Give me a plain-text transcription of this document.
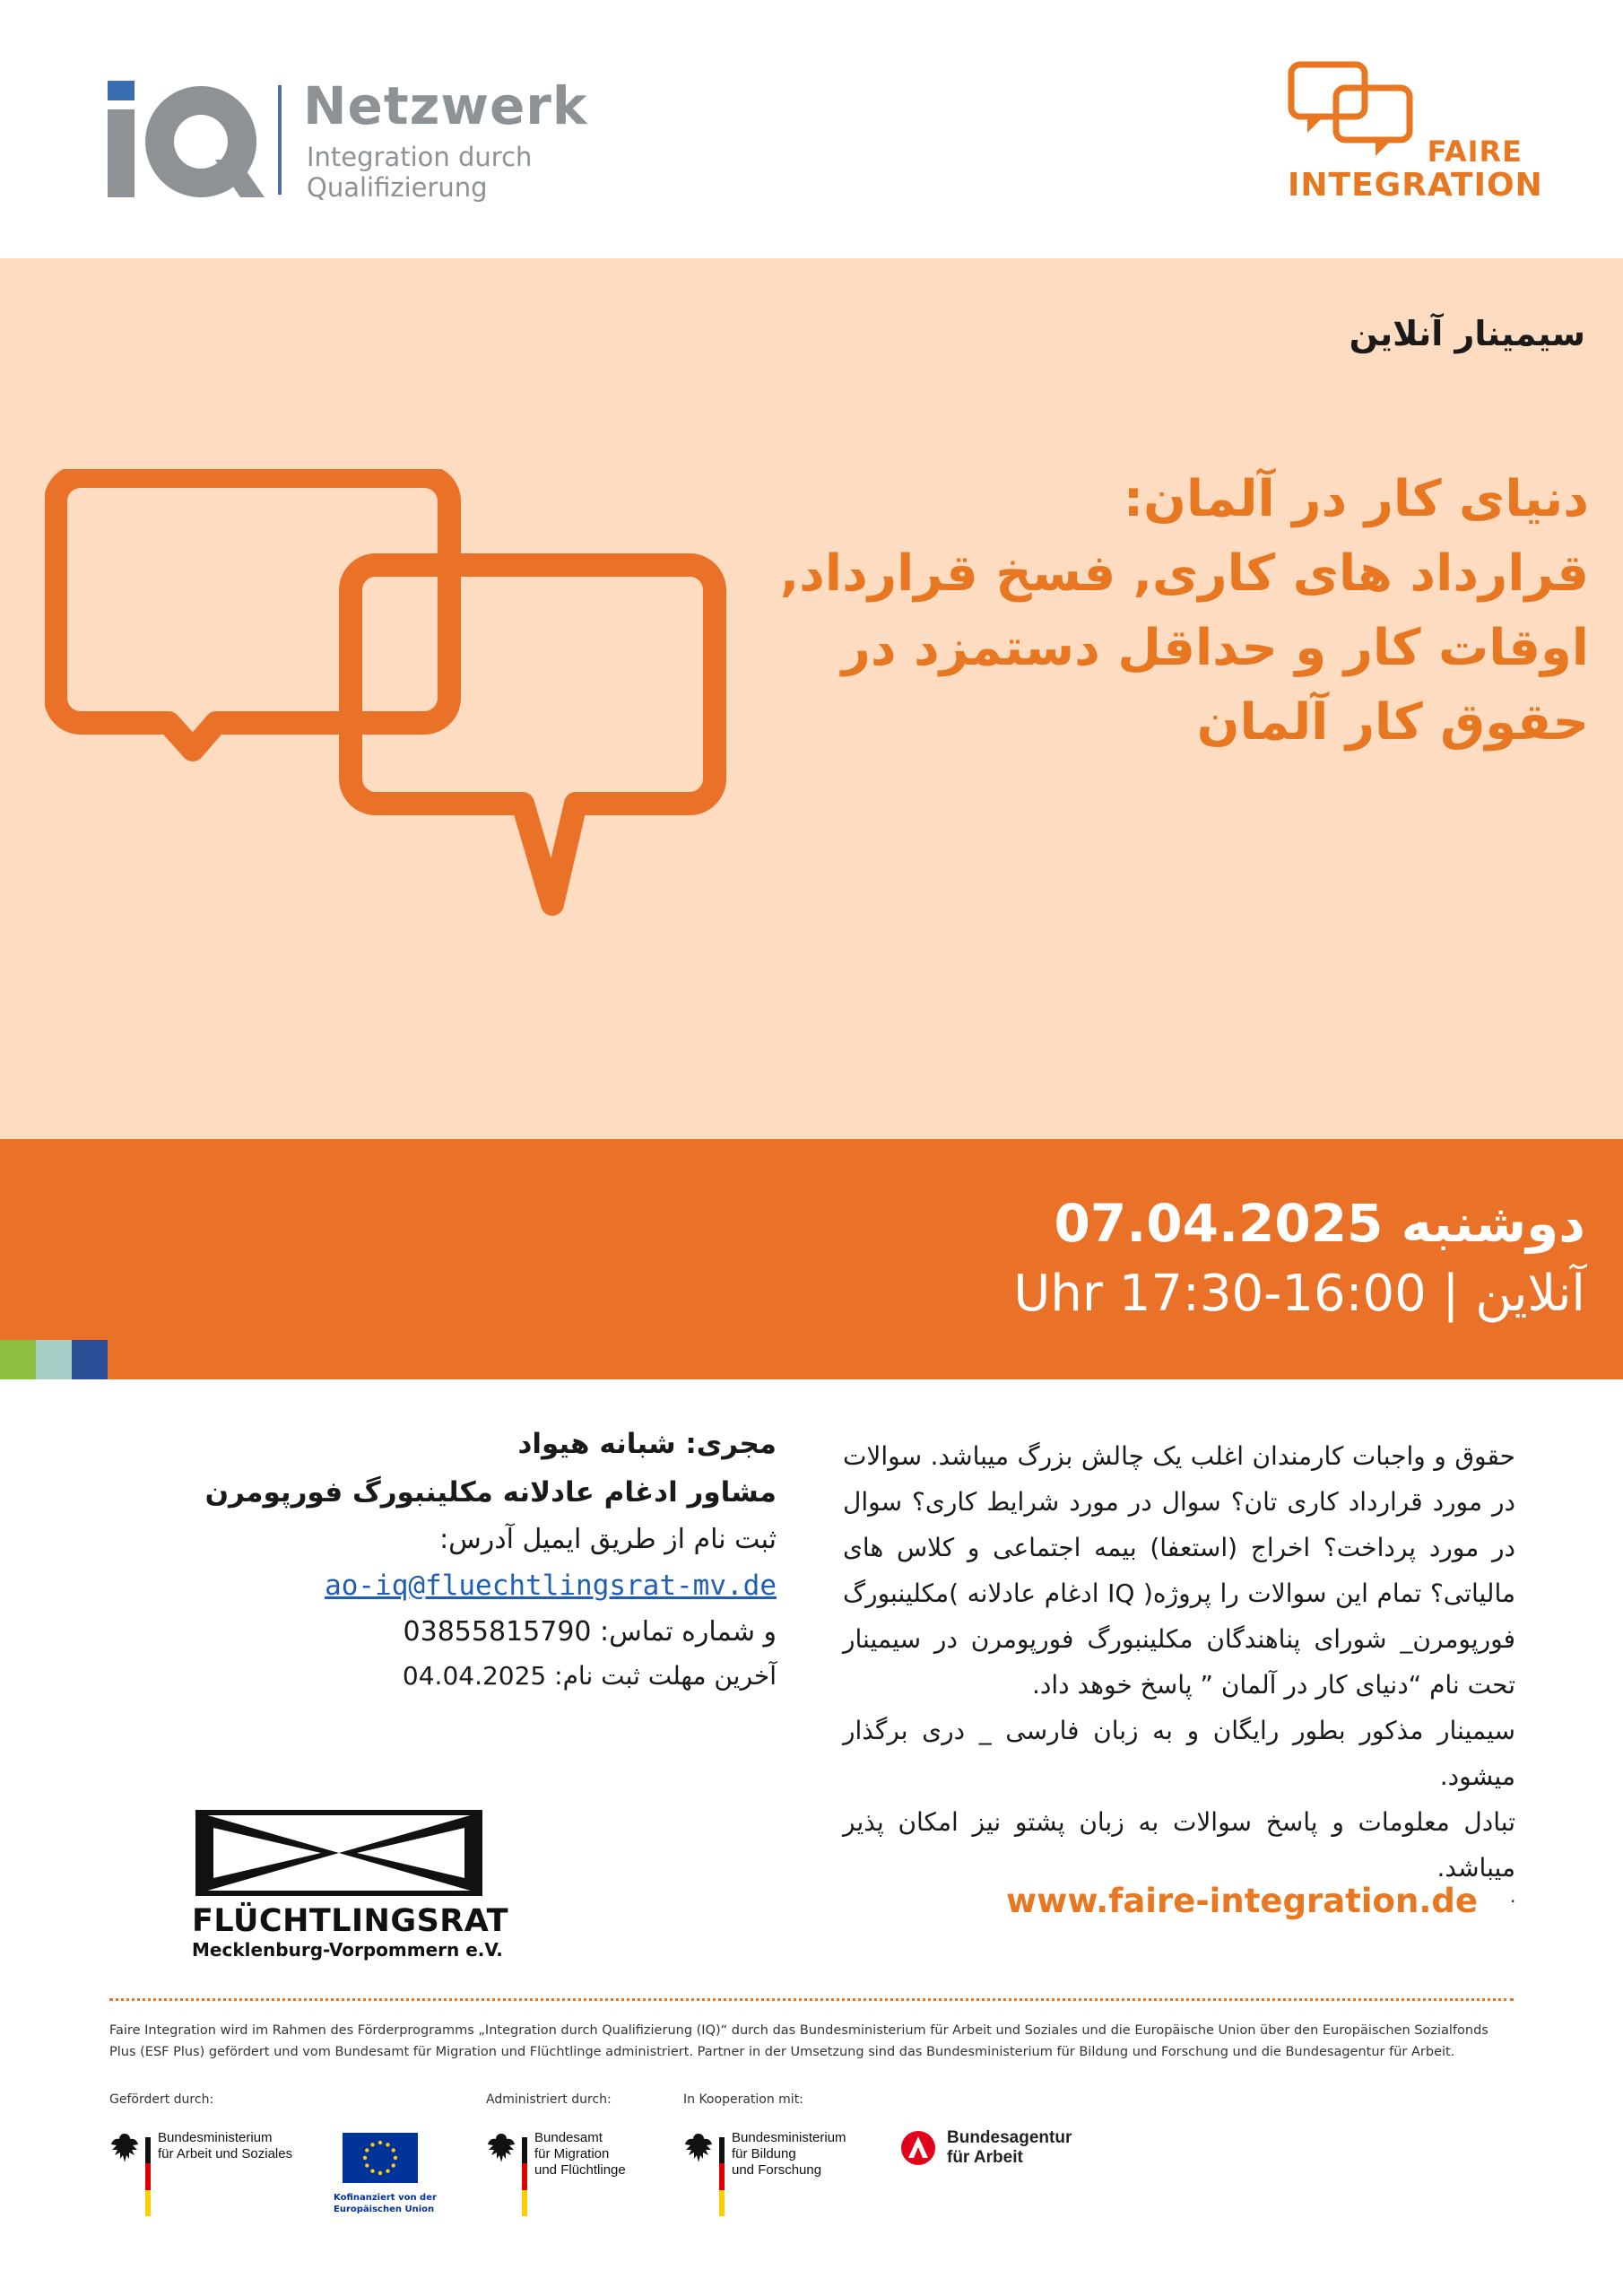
Netzwerk
Integration durch
Qualifizierung
FAIRE
INTEGRATION
سیمینار آنلاین
دنیای کار در آلمان:
قرارداد های کاری, فسخ قرارداد,
اوقات کار و حداقل دستمزد در
حقوق کار آلمان
دوشنبه 07.04.2025
آنلاین | 16:00-17:30 Uhr
مجری: شبانه هیواد
مشاور ادغام عادلانه مکلینبورگ فورپومرن
ثبت نام از طریق ایمیل آدرس:
ao-iq@fluechtlingsrat-mv.de
و شماره تماس: 03855815790
آخرین مهلت ثبت نام: 04.04.2025

حقوق و واجبات کارمندان اغلب یک چالش بزرگ میباشد. سوالات در مورد قرارداد کاری تان؟ سوال در مورد شرایط کاری؟ سوال در مورد پرداخت؟ اخراج (استعفا) بیمه اجتماعی و کلاس های مالیاتی؟ تمام این سوالات را پروژه( IQ ادغام عادلانه )مکلینبورگ فورپومرن_ شورای پناهندگان مکلینبورگ فورپومرن در سیمینار تحت نام “دنیای کار در آلمان ” پاسخ خوهد داد.

سیمینار مذکور بطور رایگان و به زبان فارسی _ دری برگذار میشود.

تبادل معلومات و پاسخ سوالات به زبان پشتو نیز امکان پذیر میباشد.

www.faire-integration.de .
FLÜCHTLINGSRAT
Mecklenburg-Vorpommern e.V.
Faire Integration wird im Rahmen des Förderprogramms „Integration durch Qualifizierung (IQ)“ durch das Bundesministerium für Arbeit und Soziales und die Europäische Union über den Europäischen Sozialfonds Plus (ESF Plus) gefördert und vom Bundesamt für Migration und Flüchtlinge administriert. Partner in der Umsetzung sind das Bundesministerium für Bildung und Forschung und die Bundesagentur für Arbeit.
Gefördert durch:	Administriert durch:	In Kooperation mit:
Bundesministerium
für Arbeit und Soziales
Kofinanziert von der
Europäischen Union
Bundesamt
für Migration
und Flüchtlinge
Bundesministerium
für Bildung
und Forschung
Bundesagentur
für Arbeit
